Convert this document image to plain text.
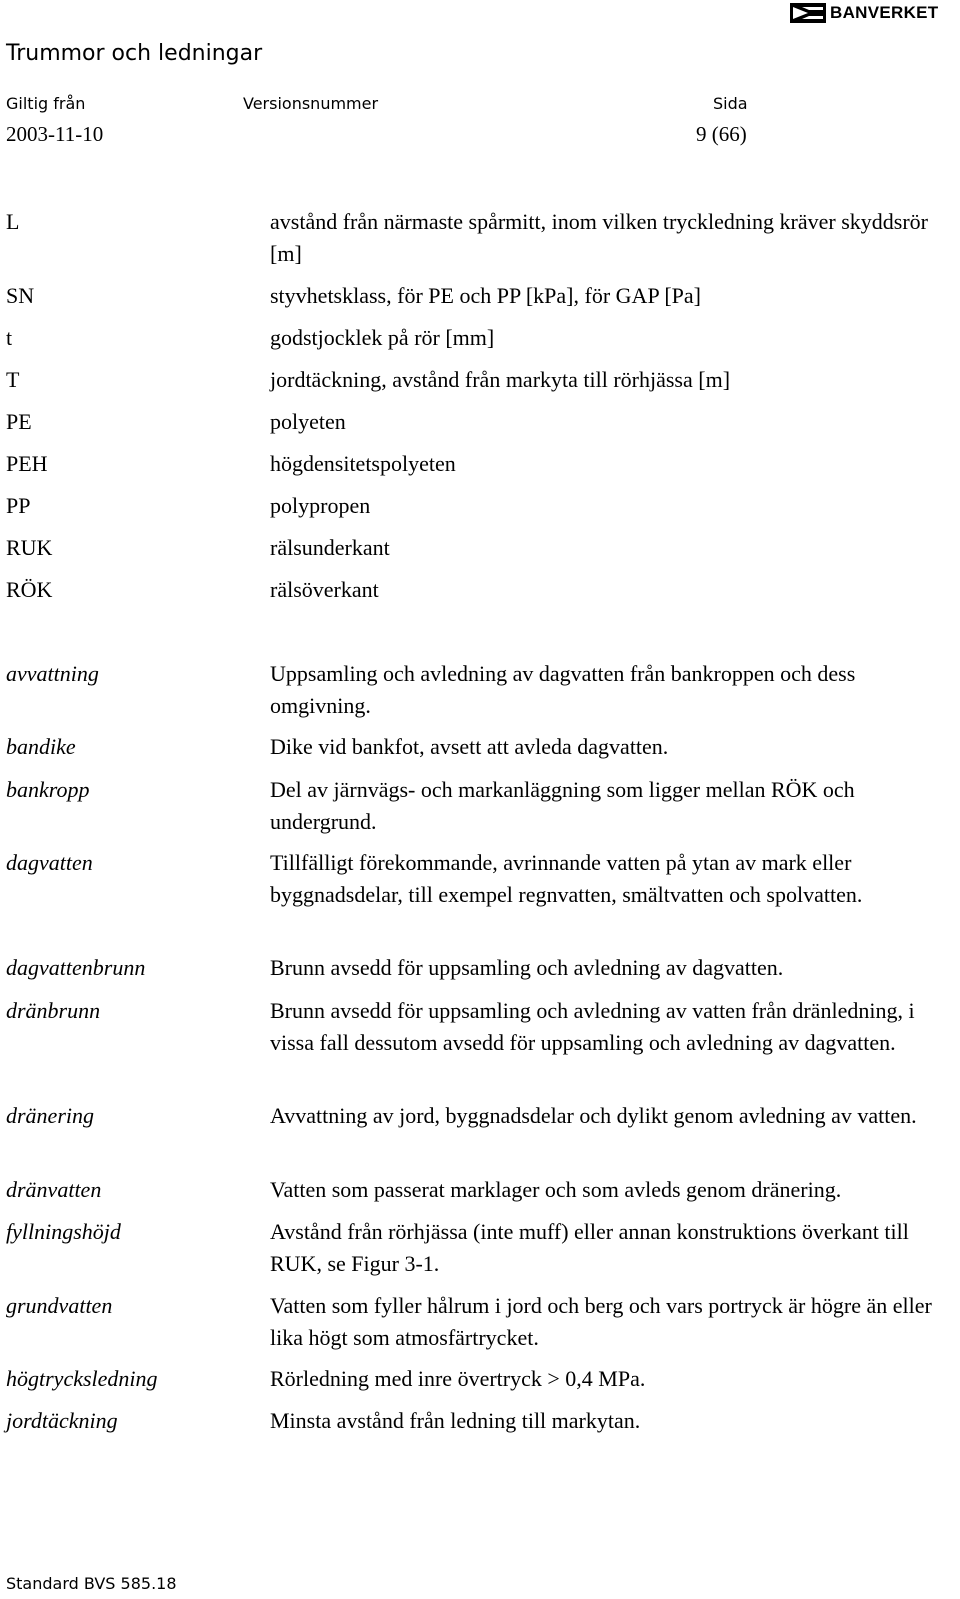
BANVERKET
Trummor och ledningar
Giltig från	Versionsnummer	Sida
2003-11-10	9 (66)
L	avstånd från närmaste spårmitt, inom vilken tryckledning kräver skyddsrör [m]
SN	styvhetsklass, för PE och PP [kPa], för GAP [Pa]
t	godstjocklek på rör [mm]
T	jordtäckning, avstånd från markyta till rörhjässa [m]
PE	polyeten
PEH	högdensitetspolyeten
PP	polypropen
RUK	rälsunderkant
RÖK	rälsöverkant
avvattning	Uppsamling och avledning av dagvatten från bankroppen och dess omgivning.
bandike	Dike vid bankfot, avsett att avleda dagvatten.
bankropp	Del av järnvägs- och markanläggning som ligger mellan RÖK och undergrund.
dagvatten	Tillfälligt förekommande, avrinnande vatten på ytan av mark eller byggnadsdelar, till exempel regnvatten, smältvatten och spolvatten.
dagvattenbrunn	Brunn avsedd för uppsamling och avledning av dagvatten.
dränbrunn	Brunn avsedd för uppsamling och avledning av vatten från dränledning, i vissa fall dessutom avsedd för uppsamling och avledning av dagvatten.
dränering	Avvattning av jord, byggnadsdelar och dylikt genom avledning av vatten.
dränvatten	Vatten som passerat marklager och som avleds genom dränering.
fyllningshöjd	Avstånd från rörhjässa (inte muff) eller annan konstruktions överkant till RUK, se Figur 3-1.
grundvatten	Vatten som fyller hålrum i jord och berg och vars portryck är högre än eller lika högt som atmosfärtrycket.
högtrycksledning	Rörledning med inre övertryck > 0,4 MPa.
jordtäckning	Minsta avstånd från ledning till markytan.
Standard BVS 585.18
